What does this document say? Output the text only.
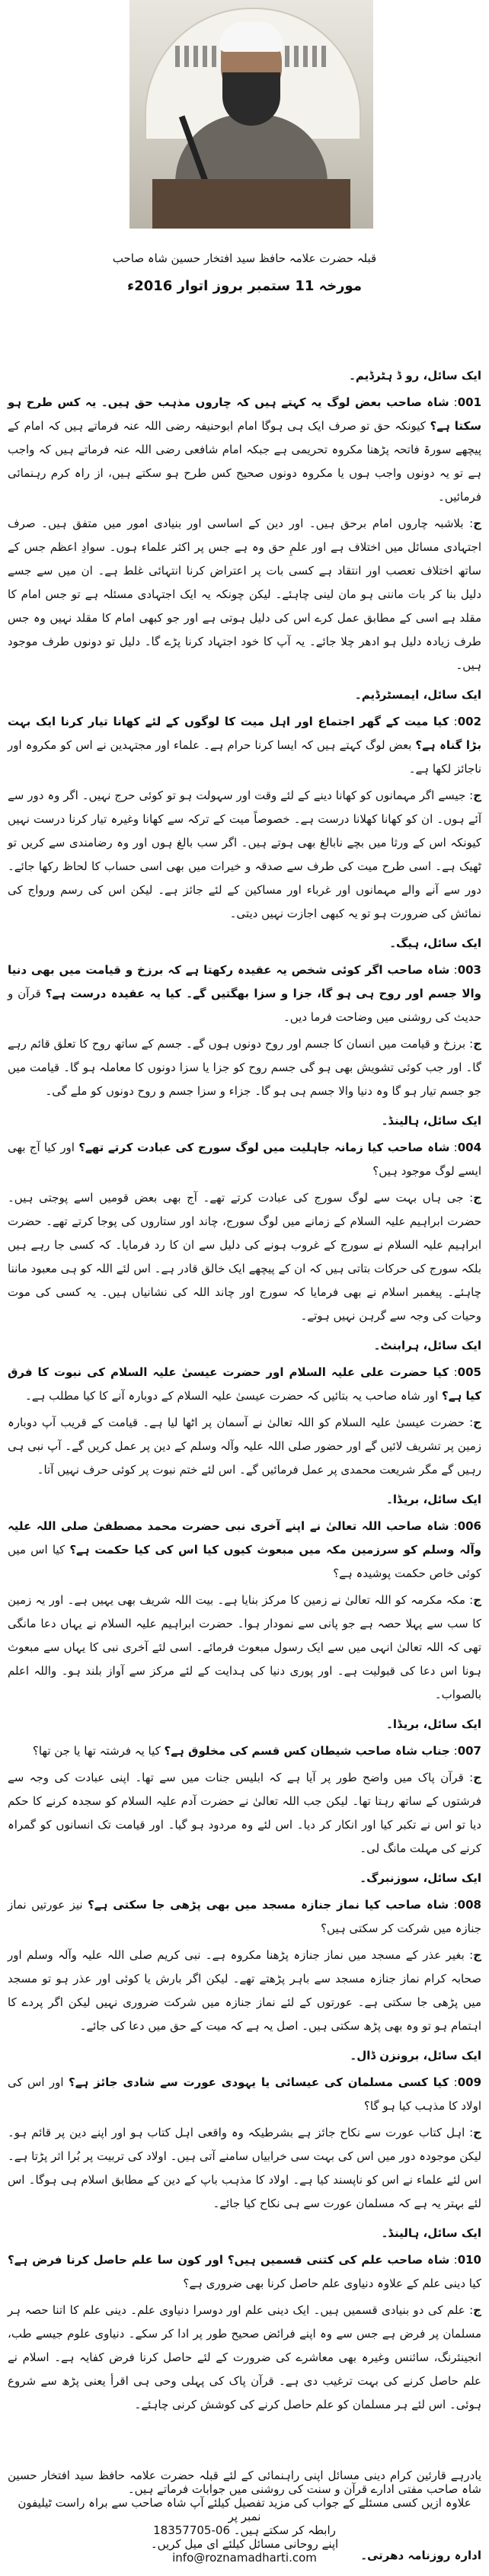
قبلہ حضرت علامہ حافظ سید افتخار حسین شاہ صاحب
مورخہ 11 ستمبر بروز اتوار 2016ء

ایک سائل، رو ڈ ہٹرڈیم۔

001: شاہ صاحب بعض لوگ یہ کہتے ہیں کہ چاروں مذہب حق ہیں۔ یہ کس طرح ہو سکتا ہے؟ کیونکہ حق تو صرف ایک ہی ہوگا امام ابوحنیفہ رضی اللہ عنہ فرماتے ہیں کہ امام کے پیچھے سورۃ فاتحہ پڑھنا مکروہ تحریمی ہے جبکہ امام شافعی رضی اللہ عنہ فرماتے ہیں کہ واجب ہے تو یہ دونوں واجب ہوں یا مکروہ دونوں صحیح کس طرح ہو سکتے ہیں، از راہ کرم رہنمائی فرمائیں۔

ج: بلاشبہ چاروں امام برحق ہیں۔ اور دین کے اساسی اور بنیادی امور میں متفق ہیں۔ صرف اجتہادی مسائل میں اختلاف ہے اور علمِ حق وہ ہے جس پر اکثر علماء ہوں۔ سوادِ اعظم جس کے ساتھ اختلاف تعصب اور انتقاد ہے کسی بات پر اعتراض کرنا انتہائی غلط ہے۔ ان میں سے جسے دلیل بنا کر بات ماننی ہو مان لینی چاہئے۔ لیکن چونکہ یہ ایک اجتہادی مسئلہ ہے تو جس امام کا مقلد ہے اسی کے مطابق عمل کرے اس کی دلیل ہوتی ہے اور جو کبھی امام کا مقلد نہیں وہ جس طرف زیادہ دلیل ہو ادھر چلا جائے۔ یہ آپ کا خود اجتہاد کرنا پڑے گا۔ دلیل تو دونوں طرف موجود ہیں۔

ایک سائل، ایمسٹرڈیم۔

002: کیا میت کے گھر اجتماع اور اہل میت کا لوگوں کے لئے کھانا تیار کرنا ایک بہت بڑا گناہ ہے؟ بعض لوگ کہتے ہیں کہ ایسا کرنا حرام ہے۔ علماء اور مجتہدین نے اس کو مکروہ اور ناجائز لکھا ہے۔

ج: جیسے اگر مہمانوں کو کھانا دینے کے لئے وقت اور سہولت ہو تو کوئی حرج نہیں۔ اگر وہ دور سے آئے ہوں۔ ان کو کھانا کھلانا درست ہے۔ خصوصاً میت کے ترکہ سے کھانا وغیرہ تیار کرنا درست نہیں کیونکہ اس کے ورثا میں بچے نابالغ بھی ہوتے ہیں۔ اگر سب بالغ ہوں اور وہ رضامندی سے کریں تو ٹھیک ہے۔ اسی طرح میت کی طرف سے صدقہ و خیرات میں بھی اسی حساب کا لحاظ رکھا جائے۔ دور سے آنے والے مہمانوں اور غرباء اور مساکین کے لئے جائز ہے۔ لیکن اس کی رسم ورواج کی نمائش کی ضرورت ہو تو یہ کبھی اجازت نہیں دیتی۔

ایک سائل، ہیگ۔

003: شاہ صاحب اگر کوئی شخص یہ عقیدہ رکھتا ہے کہ برزخ و قیامت میں بھی دنیا والا جسم اور روح ہی ہو گا، جزا و سزا بھگتیں گے۔ کیا یہ عقیدہ درست ہے؟ قرآن و حدیث کی روشنی میں وضاحت فرما دیں۔

ج: برزخ و قیامت میں انسان کا جسم اور روح دونوں ہوں گے۔ جسم کے ساتھ روح کا تعلق قائم رہے گا۔ اور جب کوئی تشویش بھی ہو گی جسم روح کو جزا یا سزا دونوں کا معاملہ ہو گا۔ قیامت میں جو جسم تیار ہو گا وہ دنیا والا جسم ہی ہو گا۔ جزاء و سزا جسم و روح دونوں کو ملے گی۔

ایک سائل، ہالینڈ۔

004: شاہ صاحب کیا زمانہ جاہلیت میں لوگ سورج کی عبادت کرتے تھے؟ اور کیا آج بھی ایسے لوگ موجود ہیں؟

ج: جی ہاں بہت سے لوگ سورج کی عبادت کرتے تھے۔ آج بھی بعض قومیں اسے پوجتی ہیں۔ حضرت ابراہیم علیہ السلام کے زمانے میں لوگ سورج، چاند اور ستاروں کی پوجا کرتے تھے۔ حضرت ابراہیم علیہ السلام نے سورج کے غروب ہونے کی دلیل سے ان کا رد فرمایا۔ کہ کسی جا رہے ہیں بلکہ سورج کی حرکات بتاتی ہیں کہ ان کے پیچھے ایک خالق قادر ہے۔ اس لئے اللہ کو ہی معبود ماننا چاہئے۔ پیغمبر اسلام نے بھی فرمایا کہ سورج اور چاند اللہ کی نشانیاں ہیں۔ یہ کسی کی موت وحیات کی وجہ سے گرہن نہیں ہوتے۔

ایک سائل، ہرابنٹ۔

005: کیا حضرت علی علیہ السلام اور حضرت عیسیٰ علیہ السلام کی نبوت کا فرق کیا ہے؟ اور شاہ صاحب یہ بتائیں کہ حضرت عیسیٰ علیہ السلام کے دوبارہ آنے کا کیا مطلب ہے۔

ج: حضرت عیسیٰ علیہ السلام کو اللہ تعالیٰ نے آسمان پر اٹھا لیا ہے۔ قیامت کے قریب آپ دوبارہ زمین پر تشریف لائیں گے اور حضور صلی اللہ علیہ وآلہ وسلم کے دین پر عمل کریں گے۔ آپ نبی ہی رہیں گے مگر شریعت محمدی پر عمل فرمائیں گے۔ اس لئے ختم نبوت پر کوئی حرف نہیں آتا۔

ایک سائل، بریڈا۔

006: شاہ صاحب اللہ تعالیٰ نے اپنے آخری نبی حضرت محمد مصطفیٰ صلی اللہ علیہ وآلہ وسلم کو سرزمین مکہ میں مبعوث کیوں کیا اس کی کیا حکمت ہے؟ کیا اس میں کوئی خاص حکمت پوشیدہ ہے؟

ج: مکہ مکرمہ کو اللہ تعالیٰ نے زمین کا مرکز بنایا ہے۔ بیت اللہ شریف بھی یہیں ہے۔ اور یہ زمین کا سب سے پہلا حصہ ہے جو پانی سے نمودار ہوا۔ حضرت ابراہیم علیہ السلام نے یہاں دعا مانگی تھی کہ اللہ تعالیٰ انہی میں سے ایک رسول مبعوث فرمائے۔ اسی لئے آخری نبی کا یہاں سے مبعوث ہونا اس دعا کی قبولیت ہے۔ اور پوری دنیا کی ہدایت کے لئے مرکز سے آواز بلند ہو۔ واللہ اعلم بالصواب۔

ایک سائل، بریڈا۔

007: جناب شاہ صاحب شیطان کس قسم کی مخلوق ہے؟ کیا یہ فرشتہ تھا یا جن تھا؟

ج: قرآن پاک میں واضح طور پر آیا ہے کہ ابلیس جنات میں سے تھا۔ اپنی عبادت کی وجہ سے فرشتوں کے ساتھ رہتا تھا۔ لیکن جب اللہ تعالیٰ نے حضرت آدم علیہ السلام کو سجدہ کرنے کا حکم دیا تو اس نے تکبر کیا اور انکار کر دیا۔ اس لئے وہ مردود ہو گیا۔ اور قیامت تک انسانوں کو گمراہ کرنے کی مہلت مانگ لی۔

ایک سائل، سوزنبرگ۔

008: شاہ صاحب کیا نماز جنازہ مسجد میں بھی پڑھی جا سکتی ہے؟ نیز عورتیں نماز جنازہ میں شرکت کر سکتی ہیں؟

ج: بغیر عذر کے مسجد میں نماز جنازہ پڑھنا مکروہ ہے۔ نبی کریم صلی اللہ علیہ وآلہ وسلم اور صحابہ کرام نماز جنازہ مسجد سے باہر پڑھتے تھے۔ لیکن اگر بارش یا کوئی اور عذر ہو تو مسجد میں پڑھی جا سکتی ہے۔ عورتوں کے لئے نماز جنازہ میں شرکت ضروری نہیں لیکن اگر پردے کا اہتمام ہو تو وہ بھی پڑھ سکتی ہیں۔ اصل یہ ہے کہ میت کے حق میں دعا کی جائے۔

ایک سائل، برونزن ڈال۔

009: کیا کسی مسلمان کی عیسائی یا یہودی عورت سے شادی جائز ہے؟ اور اس کی اولاد کا مذہب کیا ہو گا؟

ج: اہل کتاب عورت سے نکاح جائز ہے بشرطیکہ وہ واقعی اہل کتاب ہو اور اپنے دین پر قائم ہو۔ لیکن موجودہ دور میں اس کی بہت سی خرابیاں سامنے آتی ہیں۔ اولاد کی تربیت پر بُرا اثر پڑتا ہے۔ اس لئے علماء نے اس کو ناپسند کیا ہے۔ اولاد کا مذہب باپ کے دین کے مطابق اسلام ہی ہوگا۔ اس لئے بہتر یہ ہے کہ مسلمان عورت سے ہی نکاح کیا جائے۔

ایک سائل، ہالینڈ۔

010: شاہ صاحب علم کی کتنی قسمیں ہیں؟ اور کون سا علم حاصل کرنا فرض ہے؟ کیا دینی علم کے علاوہ دنیاوی علم حاصل کرنا بھی ضروری ہے؟

ج: علم کی دو بنیادی قسمیں ہیں۔ ایک دینی علم اور دوسرا دنیاوی علم۔ دینی علم کا اتنا حصہ ہر مسلمان پر فرض ہے جس سے وہ اپنے فرائض صحیح طور پر ادا کر سکے۔ دنیاوی علوم جیسے طب، انجینئرنگ، سائنس وغیرہ بھی معاشرے کی ضرورت کے لئے حاصل کرنا فرض کفایہ ہے۔ اسلام نے علم حاصل کرنے کی بہت ترغیب دی ہے۔ قرآن پاک کی پہلی وحی ہی اقرأ یعنی پڑھ سے شروع ہوئی۔ اس لئے ہر مسلمان کو علم حاصل کرنے کی کوشش کرنی چاہئے۔

یادرہے قارئین کرام دینی مسائل اپنی راہنمائی کے لئے قبلہ حضرت علامہ حافظ سید افتخار حسین شاہ صاحب مفتی ادارے قرآن و سنت کی روشنی میں جوابات فرماتے ہیں۔
علاوہ ازیں کسی مسئلے کے جواب کی مزید تفصیل کیلئے آپ شاہ صاحب سے براہ راست ٹیلیفون نمبر پر
رابطہ کر سکتے ہیں۔ 06-18357705
اپنے روحانی مسائل کیلئے ای میل کریں۔
info@roznamadharti.com	ادارہ روزنامہ دھرتی۔
